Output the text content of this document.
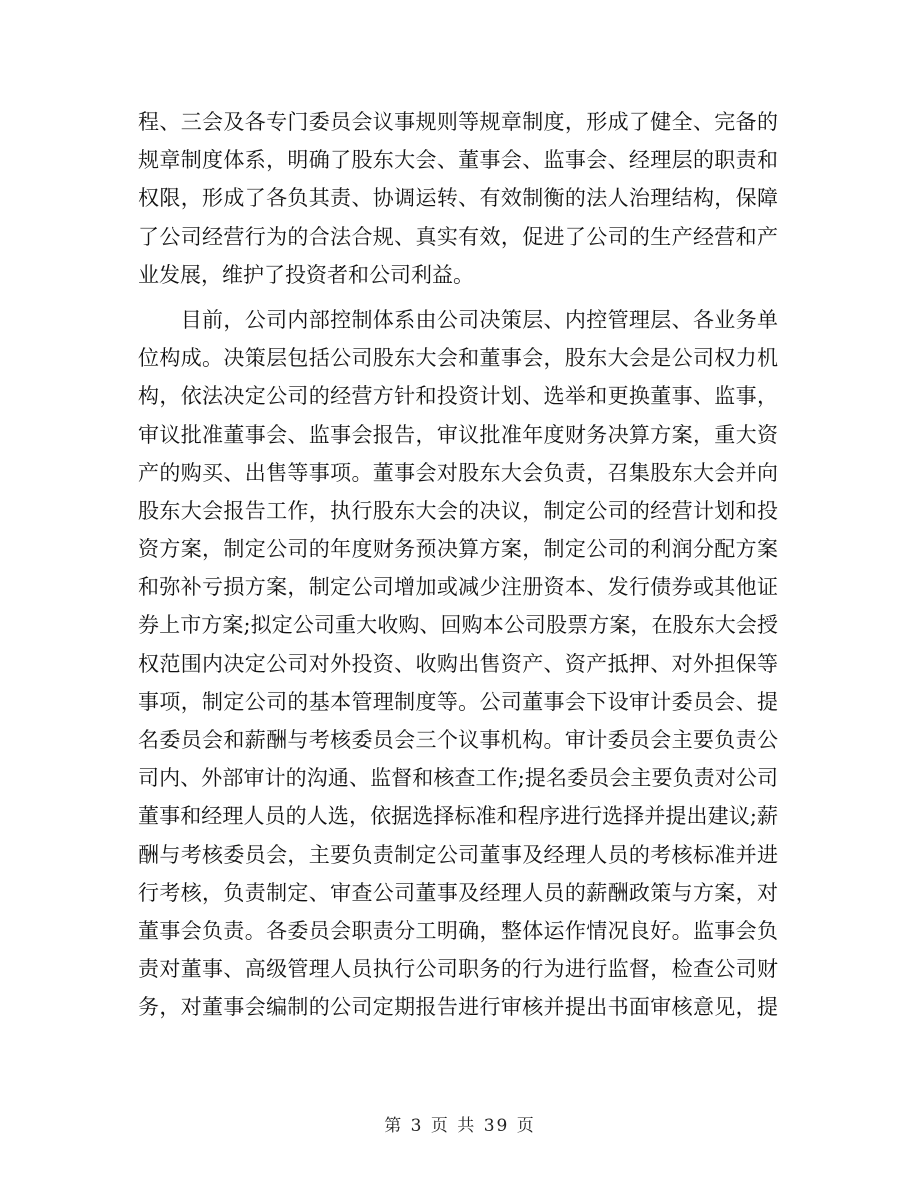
程、三会及各专门委员会议事规则等规章制度，形成了健全、完备的
规章制度体系，明确了股东大会、董事会、监事会、经理层的职责和
权限，形成了各负其责、协调运转、有效制衡的法人治理结构，保障
了公司经营行为的合法合规、真实有效，促进了公司的生产经营和产
业发展，维护了投资者和公司利益。
　　目前，公司内部控制体系由公司决策层、内控管理层、各业务单
位构成。决策层包括公司股东大会和董事会，股东大会是公司权力机
构，依法决定公司的经营方针和投资计划、选举和更换董事、监事，
审议批准董事会、监事会报告，审议批准年度财务决算方案，重大资
产的购买、出售等事项。董事会对股东大会负责，召集股东大会并向
股东大会报告工作，执行股东大会的决议，制定公司的经营计划和投
资方案，制定公司的年度财务预决算方案，制定公司的利润分配方案
和弥补亏损方案，制定公司增加或减少注册资本、发行债券或其他证
券上市方案;拟定公司重大收购、回购本公司股票方案，在股东大会授
权范围内决定公司对外投资、收购出售资产、资产抵押、对外担保等
事项，制定公司的基本管理制度等。公司董事会下设审计委员会、提
名委员会和薪酬与考核委员会三个议事机构。审计委员会主要负责公
司内、外部审计的沟通、监督和核查工作;提名委员会主要负责对公司
董事和经理人员的人选，依据选择标准和程序进行选择并提出建议;薪
酬与考核委员会，主要负责制定公司董事及经理人员的考核标准并进
行考核，负责制定、审查公司董事及经理人员的薪酬政策与方案，对
董事会负责。各委员会职责分工明确，整体运作情况良好。监事会负
责对董事、高级管理人员执行公司职务的行为进行监督，检查公司财
务，对董事会编制的公司定期报告进行审核并提出书面审核意见，提
第 3 页 共 39 页
